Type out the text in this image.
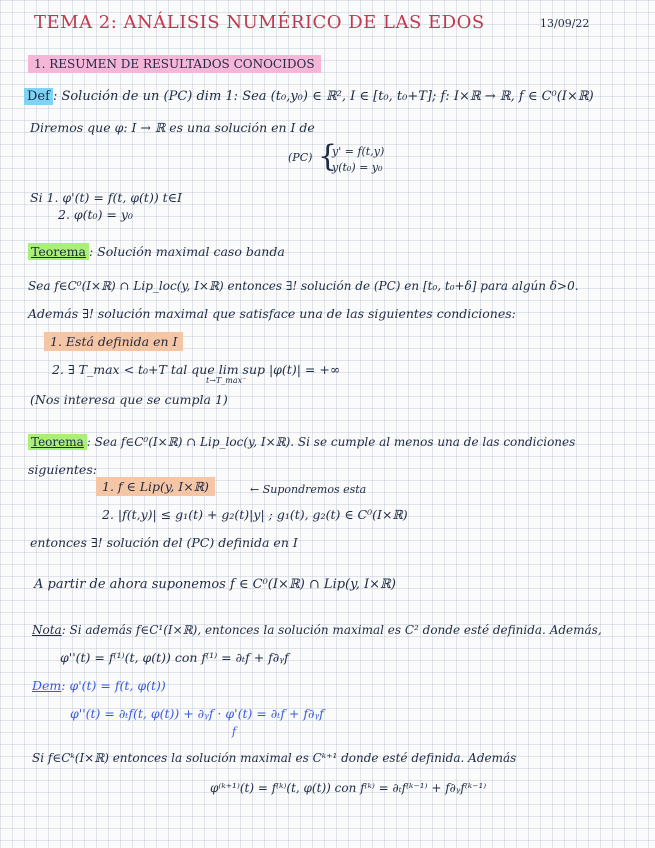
TEMA 2: ANÁLISIS NUMÉRICO DE LAS EDOS	13/09/22
1. RESUMEN DE RESULTADOS CONOCIDOS
Def : Solución de un (PC) dim 1: Sea (t₀,y₀) ∈ ℝ², I ∈ [t₀, t₀+T]; f: I×ℝ → ℝ, f ∈ C⁰(I×ℝ)
Diremos que φ: I → ℝ es una solución en I de
(PC) {
y' = f(t,y)
y(t₀) = y₀
Si 1. φ'(t) = f(t, φ(t)) t∈I
2. φ(t₀) = y₀
Teorema : Solución maximal caso banda
Sea f∈C⁰(I×ℝ) ∩ Lip_loc(y, I×ℝ) entonces ∃! solución de (PC) en [t₀, t₀+δ] para algún δ>0.
Además ∃! solución maximal que satisface una de las siguientes condiciones:
1. Está definida en I
2. ∃ T_max < t₀+T tal que lim sup |φ(t)| = +∞
t→T_max⁻
(Nos interesa que se cumpla 1)
Teorema : Sea f∈C⁰(I×ℝ) ∩ Lip_loc(y, I×ℝ). Si se cumple al menos una de las condiciones
siguientes:
1. f ∈ Lip(y, I×ℝ)	← Supondremos esta
2. |f(t,y)| ≤ g₁(t) + g₂(t)|y| ; g₁(t), g₂(t) ∈ C⁰(I×ℝ)
entonces ∃! solución del (PC) definida en I
A partir de ahora suponemos f ∈ C⁰(I×ℝ) ∩ Lip(y, I×ℝ)
Nota: Si además f∈C¹(I×ℝ), entonces la solución maximal es C² donde esté definida. Además,
φ''(t) = f⁽¹⁾(t, φ(t)) con f⁽¹⁾ = ∂ₜf + f∂ᵧf
Dem: φ'(t) = f(t, φ(t))
φ''(t) = ∂ₜf(t, φ(t)) + ∂ᵧf · φ'(t) = ∂ₜf + f∂ᵧf
f
Si f∈Cᵏ(I×ℝ) entonces la solución maximal es Cᵏ⁺¹ donde esté definida. Además
φ⁽ᵏ⁺¹⁾(t) = f⁽ᵏ⁾(t, φ(t)) con f⁽ᵏ⁾ = ∂ₜf⁽ᵏ⁻¹⁾ + f∂ᵧf⁽ᵏ⁻¹⁾
